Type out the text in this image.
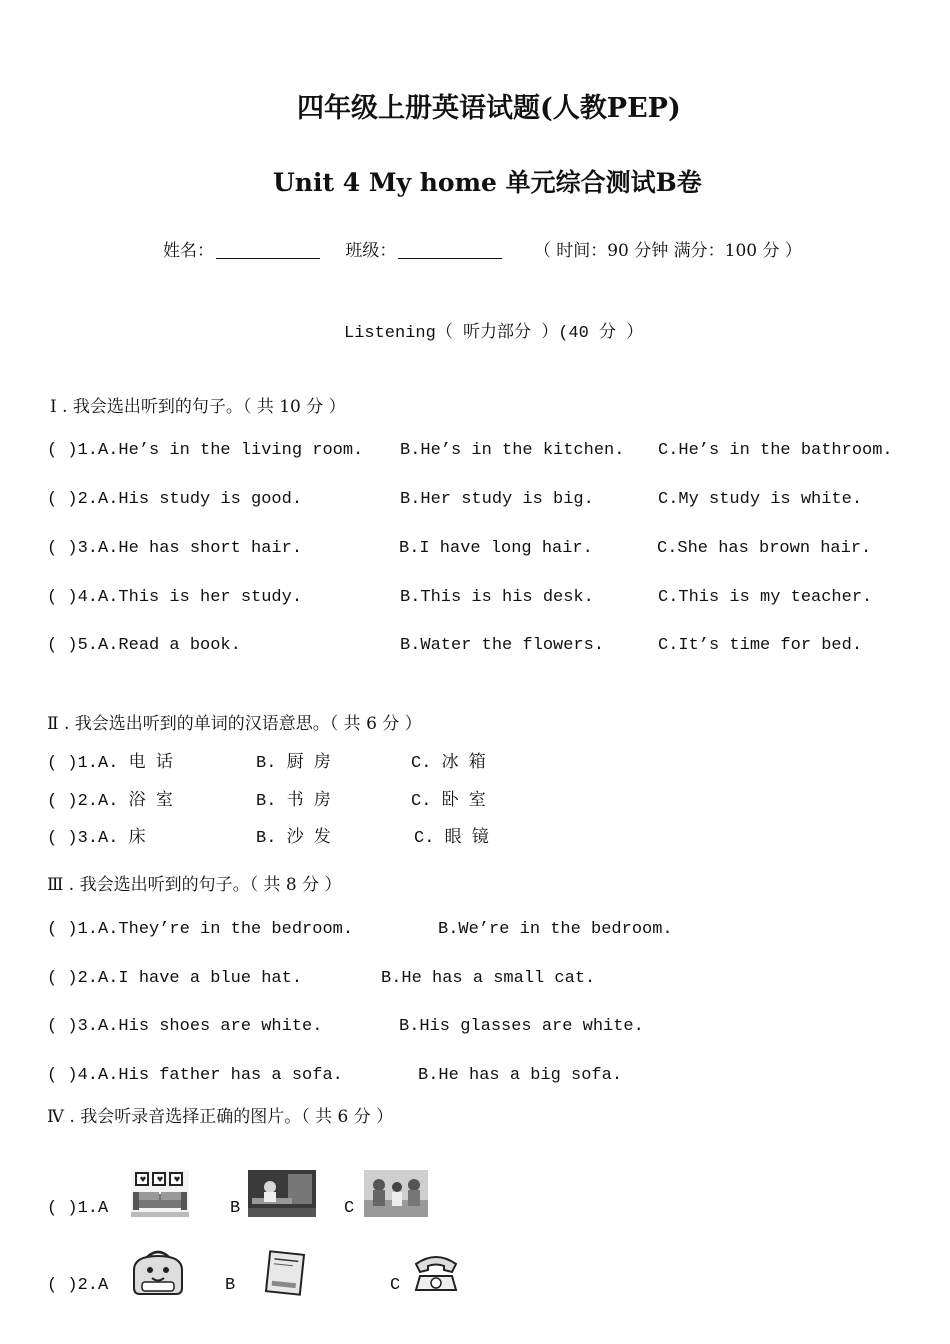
四年级上册英语试题(人教PEP)
Unit 4 My home 单元综合测试B卷
姓名：	班级：	（ 时间：90 分钟 满分：100 分 ）
Listening（ 听力部分 ）(40 分 ）
Ⅰ . 我会选出听到的句子。（ 共 10 分 ）
( )1.A.He’s in the living room. B.He’s in the kitchen. C.He’s in the bathroom.
( )2.A.His study is good.	B.Her study is big.	C.My study is white.
( )3.A.He has short hair.	B.I have long hair.	C.She has brown hair.
( )4.A.This is her study.	B.This is his desk.	C.This is my teacher.
( )5.A.Read a book.	B.Water the flowers.	C.It’s time for bed.
Ⅱ . 我会选出听到的单词的汉语意思。（ 共 6 分 ）
( )1.A. 电 话	B. 厨 房	C. 冰 箱
( )2.A. 浴 室	B. 书 房	C. 卧 室
( )3.A. 床	B. 沙 发	C. 眼 镜
Ⅲ . 我会选出听到的句子。（ 共 8 分 ）
( )1.A.They’re in the bedroom.	B.We’re in the bedroom.
( )2.A.I have a blue hat.	B.He has a small cat.
( )3.A.His shoes are white.	B.His glasses are white.
( )4.A.His father has a sofa.	B.He has a big sofa.
Ⅳ . 我会听录音选择正确的图片。（ 共 6 分 ）
( )1.A	B	C
( )2.A	B	C
